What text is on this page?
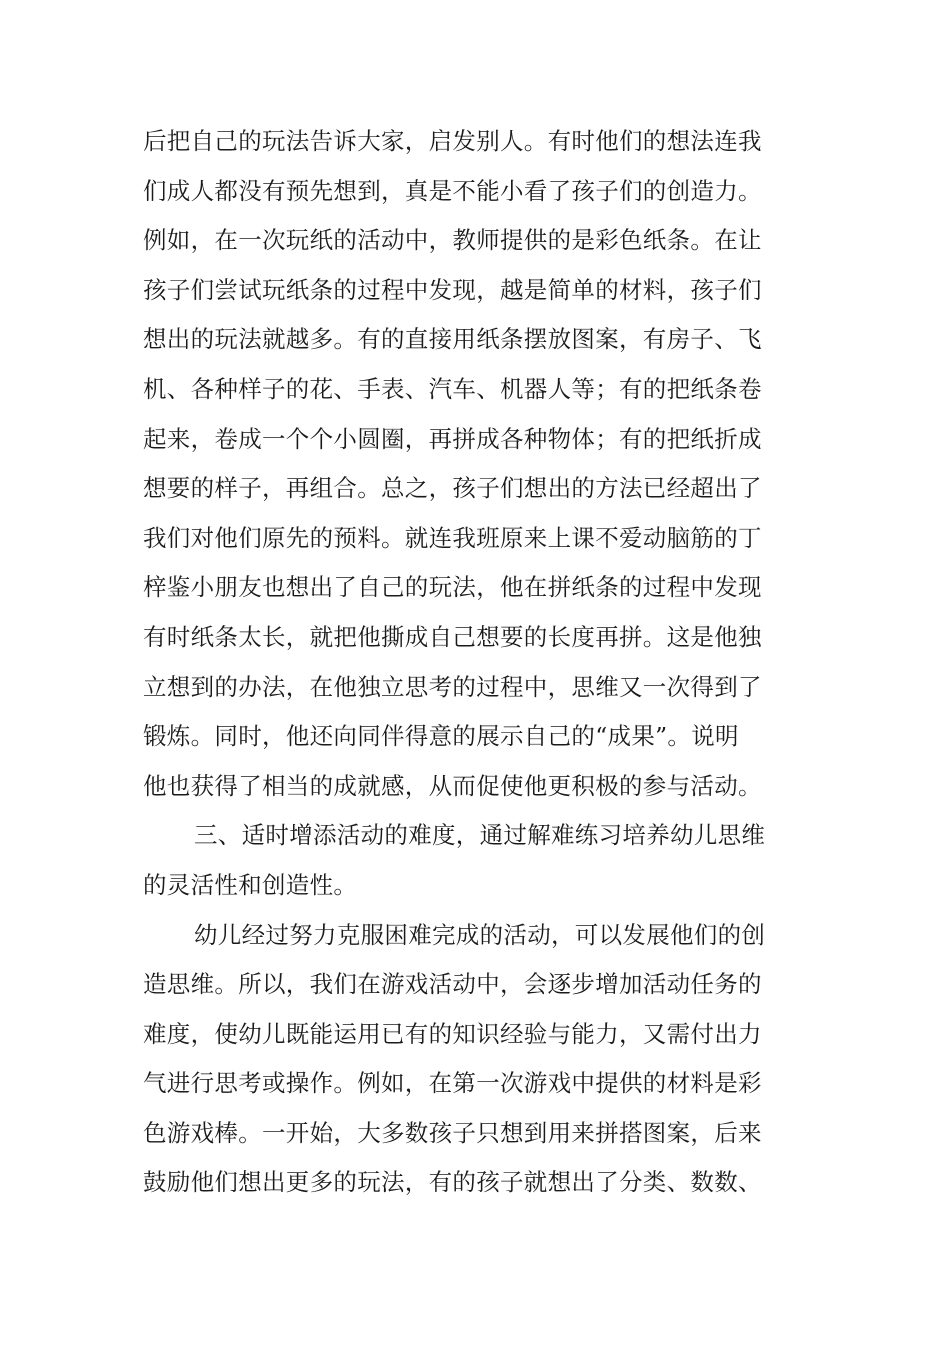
后把自己的玩法告诉大家，启发别人。有时他们的想法连我
们成人都没有预先想到，真是不能小看了孩子们的创造力。
例如，在一次玩纸的活动中，教师提供的是彩色纸条。在让
孩子们尝试玩纸条的过程中发现，越是简单的材料，孩子们
想出的玩法就越多。有的直接用纸条摆放图案，有房子、飞
机、各种样子的花、手表、汽车、机器人等；有的把纸条卷
起来，卷成一个个小圆圈，再拼成各种物体；有的把纸折成
想要的样子，再组合。总之，孩子们想出的方法已经超出了
我们对他们原先的预料。就连我班原来上课不爱动脑筋的丁
梓鉴小朋友也想出了自己的玩法，他在拼纸条的过程中发现
有时纸条太长，就把他撕成自己想要的长度再拼。这是他独
立想到的办法，在他独立思考的过程中，思维又一次得到了
锻炼。同时，他还向同伴得意的展示自己的“成果”。说明
他也获得了相当的成就感，从而促使他更积极的参与活动。
三、适时增添活动的难度，通过解难练习培养幼儿思维
的灵活性和创造性。
幼儿经过努力克服困难完成的活动，可以发展他们的创
造思维。所以，我们在游戏活动中，会逐步增加活动任务的
难度，使幼儿既能运用已有的知识经验与能力，又需付出力
气进行思考或操作。例如，在第一次游戏中提供的材料是彩
色游戏棒。一开始，大多数孩子只想到用来拼搭图案，后来
鼓励他们想出更多的玩法，有的孩子就想出了分类、数数、
